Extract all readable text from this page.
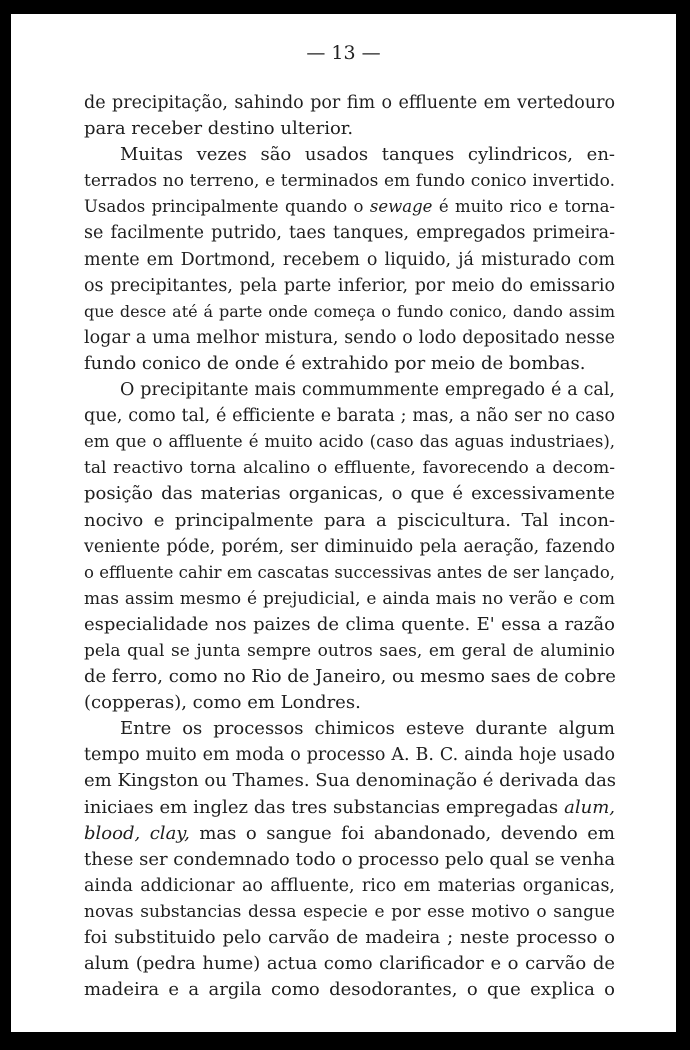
— 13 —
de precipitação, sahindo por fim o effluente em vertedouro
para receber destino ulterior.
Muitas vezes são usados tanques cylindricos, en-
terrados no terreno, e terminados em fundo conico invertido.
Usados principalmente quando o sewage é muito rico e torna-
se facilmente putrido, taes tanques, empregados primeira-
mente em Dortmond, recebem o liquido, já misturado com
os precipitantes, pela parte inferior, por meio do emissario
que desce até á parte onde começa o fundo conico, dando assim
logar a uma melhor mistura, sendo o lodo depositado nesse
fundo conico de onde é extrahido por meio de bombas.
O precipitante mais commummente empregado é a cal,
que, como tal, é efficiente e barata ; mas, a não ser no caso
em que o affluente é muito acido (caso das aguas industriaes),
tal reactivo torna alcalino o effluente, favorecendo a decom-
posição das materias organicas, o que é excessivamente
nocivo e principalmente para a piscicultura. Tal incon-
veniente póde, porém, ser diminuido pela aeração, fazendo
o effluente cahir em cascatas successivas antes de ser lançado,
mas assim mesmo é prejudicial, e ainda mais no verão e com
especialidade nos paizes de clima quente. E' essa a razão
pela qual se junta sempre outros saes, em geral de aluminio
de ferro, como no Rio de Janeiro, ou mesmo saes de cobre
(copperas), como em Londres.
Entre os processos chimicos esteve durante algum
tempo muito em moda o processo A. B. C. ainda hoje usado
em Kingston ou Thames. Sua denominação é derivada das
iniciaes em inglez das tres substancias empregadas alum,
blood, clay, mas o sangue foi abandonado, devendo em
these ser condemnado todo o processo pelo qual se venha
ainda addicionar ao affluente, rico em materias organicas,
novas substancias dessa especie e por esse motivo o sangue
foi substituido pelo carvão de madeira ; neste processo o
alum (pedra hume) actua como clarificador e o carvão de
madeira e a argila como desodorantes, o que explica o
